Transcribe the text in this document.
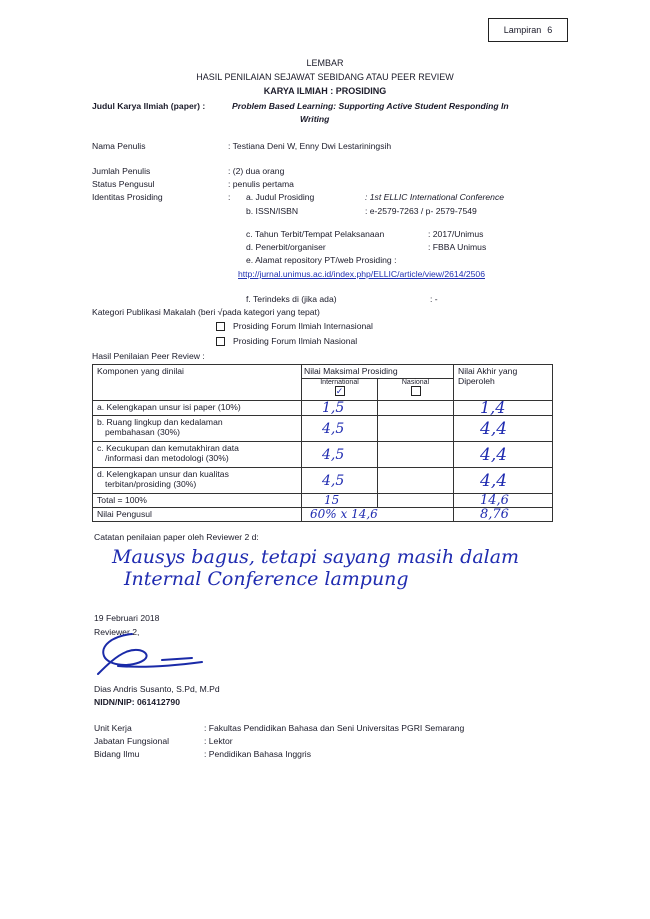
Lampiran 6
LEMBAR
HASIL PENILAIAN SEJAWAT SEBIDANG ATAU PEER REVIEW
KARYA ILMIAH : PROSIDING
Judul Karya Ilmiah (paper) :	Problem Based Learning: Supporting Active Student Responding In
Writing
Nama Penulis	: Testiana Deni W, Enny Dwi Lestariningsih
Jumlah Penulis	: (2) dua orang
Status Pengusul	: penulis pertama
Identitas Prosiding	: a. Judul Prosiding	: 1st ELLIC International Conference
b. ISSN/ISBN	: e-2579-7263 / p- 2579-7549
c. Tahun Terbit/Tempat Pelaksanaan	: 2017/Unimus
d. Penerbit/organiser	: FBBA Unimus
e. Alamat repository PT/web Prosiding :
http://jurnal.unimus.ac.id/index.php/ELLIC/article/view/2614/2506
f. Terindeks di (jika ada)	: -
Kategori Publikasi Makalah (beri √pada kategori yang tepat)
Prosiding Forum Ilmiah Internasional
Prosiding Forum Ilmiah Nasional
Hasil Penilaian Peer Review :
Komponen yang dinilai	Nilai Maksimal Prosiding		Nilai Akhir yang
Diperoleh

	International
✓	Nasional	

a. Kelengkapan unsur isi paper (10%)	1,5		1,4

b. Ruang lingkup dan kedalaman
pembahasan (30%)	4,5		4,4

c. Kecukupan dan kemutakhiran data
/informasi dan metodologi (30%)	4,5		4,4

d. Kelengkapan unsur dan kualitas
terbitan/prosiding (30%)	4,5		4,4
Total = 100%	15		14,6
Nilai Pengusul	60% x 14,6		8,76
Catatan penilaian paper oleh Reviewer 2 d:
Mausys bagus, tetapi sayang masih dalam
Internal Conference lampung
19 Februari 2018
Reviewer 2,
Dias Andris Susanto, S.Pd, M.Pd
NIDN/NIP: 061412790
Unit Kerja	: Fakultas Pendidikan Bahasa dan Seni Universitas PGRI Semarang
Jabatan Fungsional	: Lektor
Bidang Ilmu	: Pendidikan Bahasa Inggris
